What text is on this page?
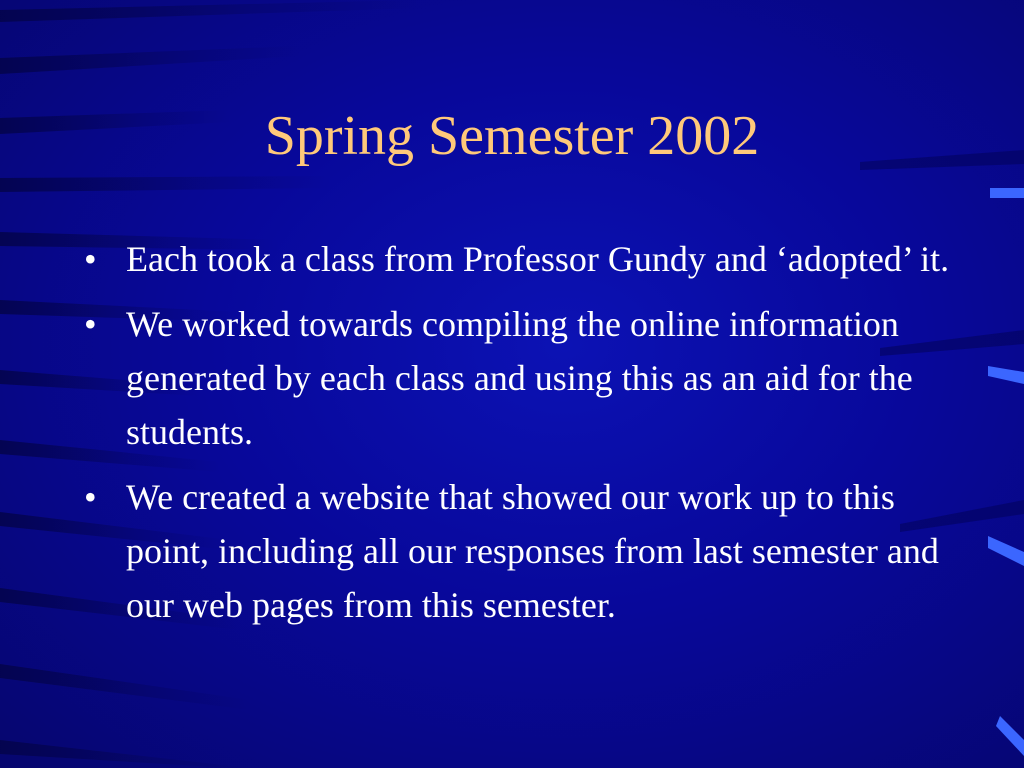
Spring Semester 2002
• Each took a class from Professor Gundy and ‘adopted’ it.
• We worked towards compiling the online information generated by each class and using this as an aid for the students.
• We created a website that showed our work up to this point, including all our responses from last semester and our web pages from this semester.
